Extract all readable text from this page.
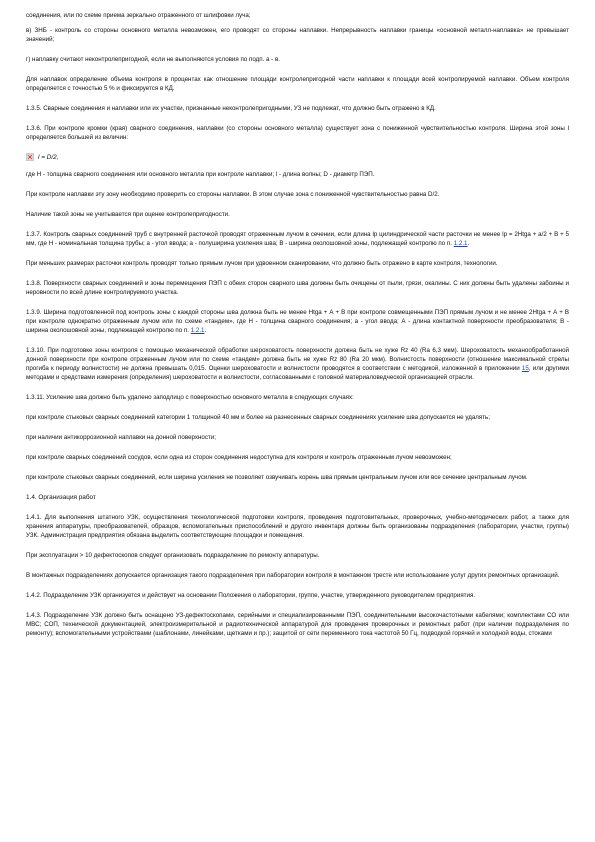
соединения, или по схеме приема зеркально отраженного от шлифовки луча;

в) ЗНБ - контроль со стороны основного металла невозможен, его проводят со стороны наплавки. Непрерывность наплавки границы «основной металл-наплавка» не превышает значений;

г) наплавку считают неконтролепригодной, если не выполняются условия по подп. а - в.

Для наплавок определение объема контроля в процентах как отношение площади контролепригодной части наплавки к площади всей контролируемой наплавки. Объем контроля определяется с точностью 5 % и фиксируется в КД.

1.3.5. Сварные соединения и наплавки или их участки, признанные неконтролепригодными, УЗ не подлежат, что должно быть отражено в КД.

1.3.6. При контроле кромки (края) сварного соединения, наплавки (со стороны основного металла) существует зона с пониженной чувствительностью контроля. Ширина этой зоны l определяется большей из величин:

l = D/2,

где H - толщина сварного соединения или основного металла при контроле наплавки; l - длина волны; D - диаметр ПЭП.

При контроле наплавки эту зону необходимо проверить со стороны наплавки. В этом случае зона с пониженной чувствительностью равна D/2.

Наличие такой зоны не учитывается при оценке контролепригодности.

1.3.7. Контроль сварных соединений труб с внутренней расточкой проводят отраженным лучом в сечении, если длина lр цилиндрической части расточки не менее lр = 2Htgа + a/2 + B + 5 мм, где Н - номинальная толщина трубы; а - угол ввода; a - полуширина усиления шва; B - ширина околошовной зоны, подлежащей контролю по п. 1.2.1.

При меньших размерах расточки контроль проводят только прямым лучом при удвоенном сканировании, что должно быть отражено в карте контроля, технологии.

1.3.8. Поверхности сварных соединений и зоны перемещения ПЭП с обеих сторон сварного шва должны быть очищены от пыли, грязи, окалины. С них должны быть удалены забоины и неровности по всей длине контролируемого участка.

1.3.9. Ширина подготовленной под контроль зоны с каждой стороны шва должна быть не менее Htgа + А + В при контроле совмещенными ПЭП прямым лучом и не менее 2Htgа + А + В при контроле однократно отраженным лучом или по схеме «тандем», где Н - толщина сварного соединения; а - угол ввода; А - длина контактной поверхности преобразователя; В - ширина околошовной зоны, подлежащей контролю по п. 1.2.1.

1.3.10. При подготовке зоны контроля с помощью механической обработки шероховатость поверхности должна быть не хуже Rz 40 (Ra 6,3 мкм). Шероховатость механообработанной донной поверхности при контроле отраженным лучом или по схеме «тандем» должна быть не хуже Rz 80 (Ra 20 мкм). Волнистость поверхности (отношение максимальной стрелы прогиба к периоду волнистости) не должна превышать 0,015. Оценки шероховатости и волнистости проводятся в соответствии с методикой, изложенной в приложении 15, или другими методами и средствами измерения (определения) шероховатости и волнистости, согласованными с головной материаловедческой организацией отрасли.

1.3.11. Усиление шва должно быть удалено заподлицо с поверхностью основного металла в следующих случаях:

при контроле стыковых сварных соединений категории 1 толщиной 40 мм и более на разнесенных сварных соединениях усиление шва допускается не удалять;

при наличии антикоррозионной наплавки на донной поверхности;

при контроле сварных соединений сосудов, если одна из сторон соединения недоступна для контроля и контроль отраженным лучом невозможен;

при контроле стыковых сварных соединений, если ширина усиления не позволяет озвучивать корень шва прямым центральным лучом или все сечение центральным лучом.

1.4. Организация работ

1.4.1. Для выполнения штатного УЗК, осуществления технологической подготовки контроля, проведения подготовительных, проверочных, учебно-методических работ, а также для хранения аппаратуры, преобразователей, образцов, вспомогательных приспособлений и другого инвентаря должны быть организованы подразделения (лаборатории, участки, группы) УЗК. Администрация предприятия обязана выделить соответствующие площадки и помещения.

При эксплуатации > 10 дефектоскопов следует организовать подразделение по ремонту аппаратуры.

В монтажных подразделениях допускается организация такого подразделения при лаборатории контроля в монтажном тресте или использование услуг других ремонтных организаций.

1.4.2. Подразделение УЗК организуется и действует на основании Положения о лаборатории, группе, участке, утвержденного руководителем предприятия.

1.4.3. Подразделение УЗК должно быть оснащено УЗ-дефектоскопами, серийными и специализированными ПЭП, соединительными высокочастотными кабелями; комплектами СО или МВС; СОП, технической документацией, электроизмерительной и радиотехнической аппаратурой для проведения проверочных и ремонтных работ (при наличии подразделения по ремонту); вспомогательными устройствами (шаблонами, линейками, щетками и пр.); защитой от сети переменного тока частотой 50 Гц, подводкой горячей и холодной воды, стоками
